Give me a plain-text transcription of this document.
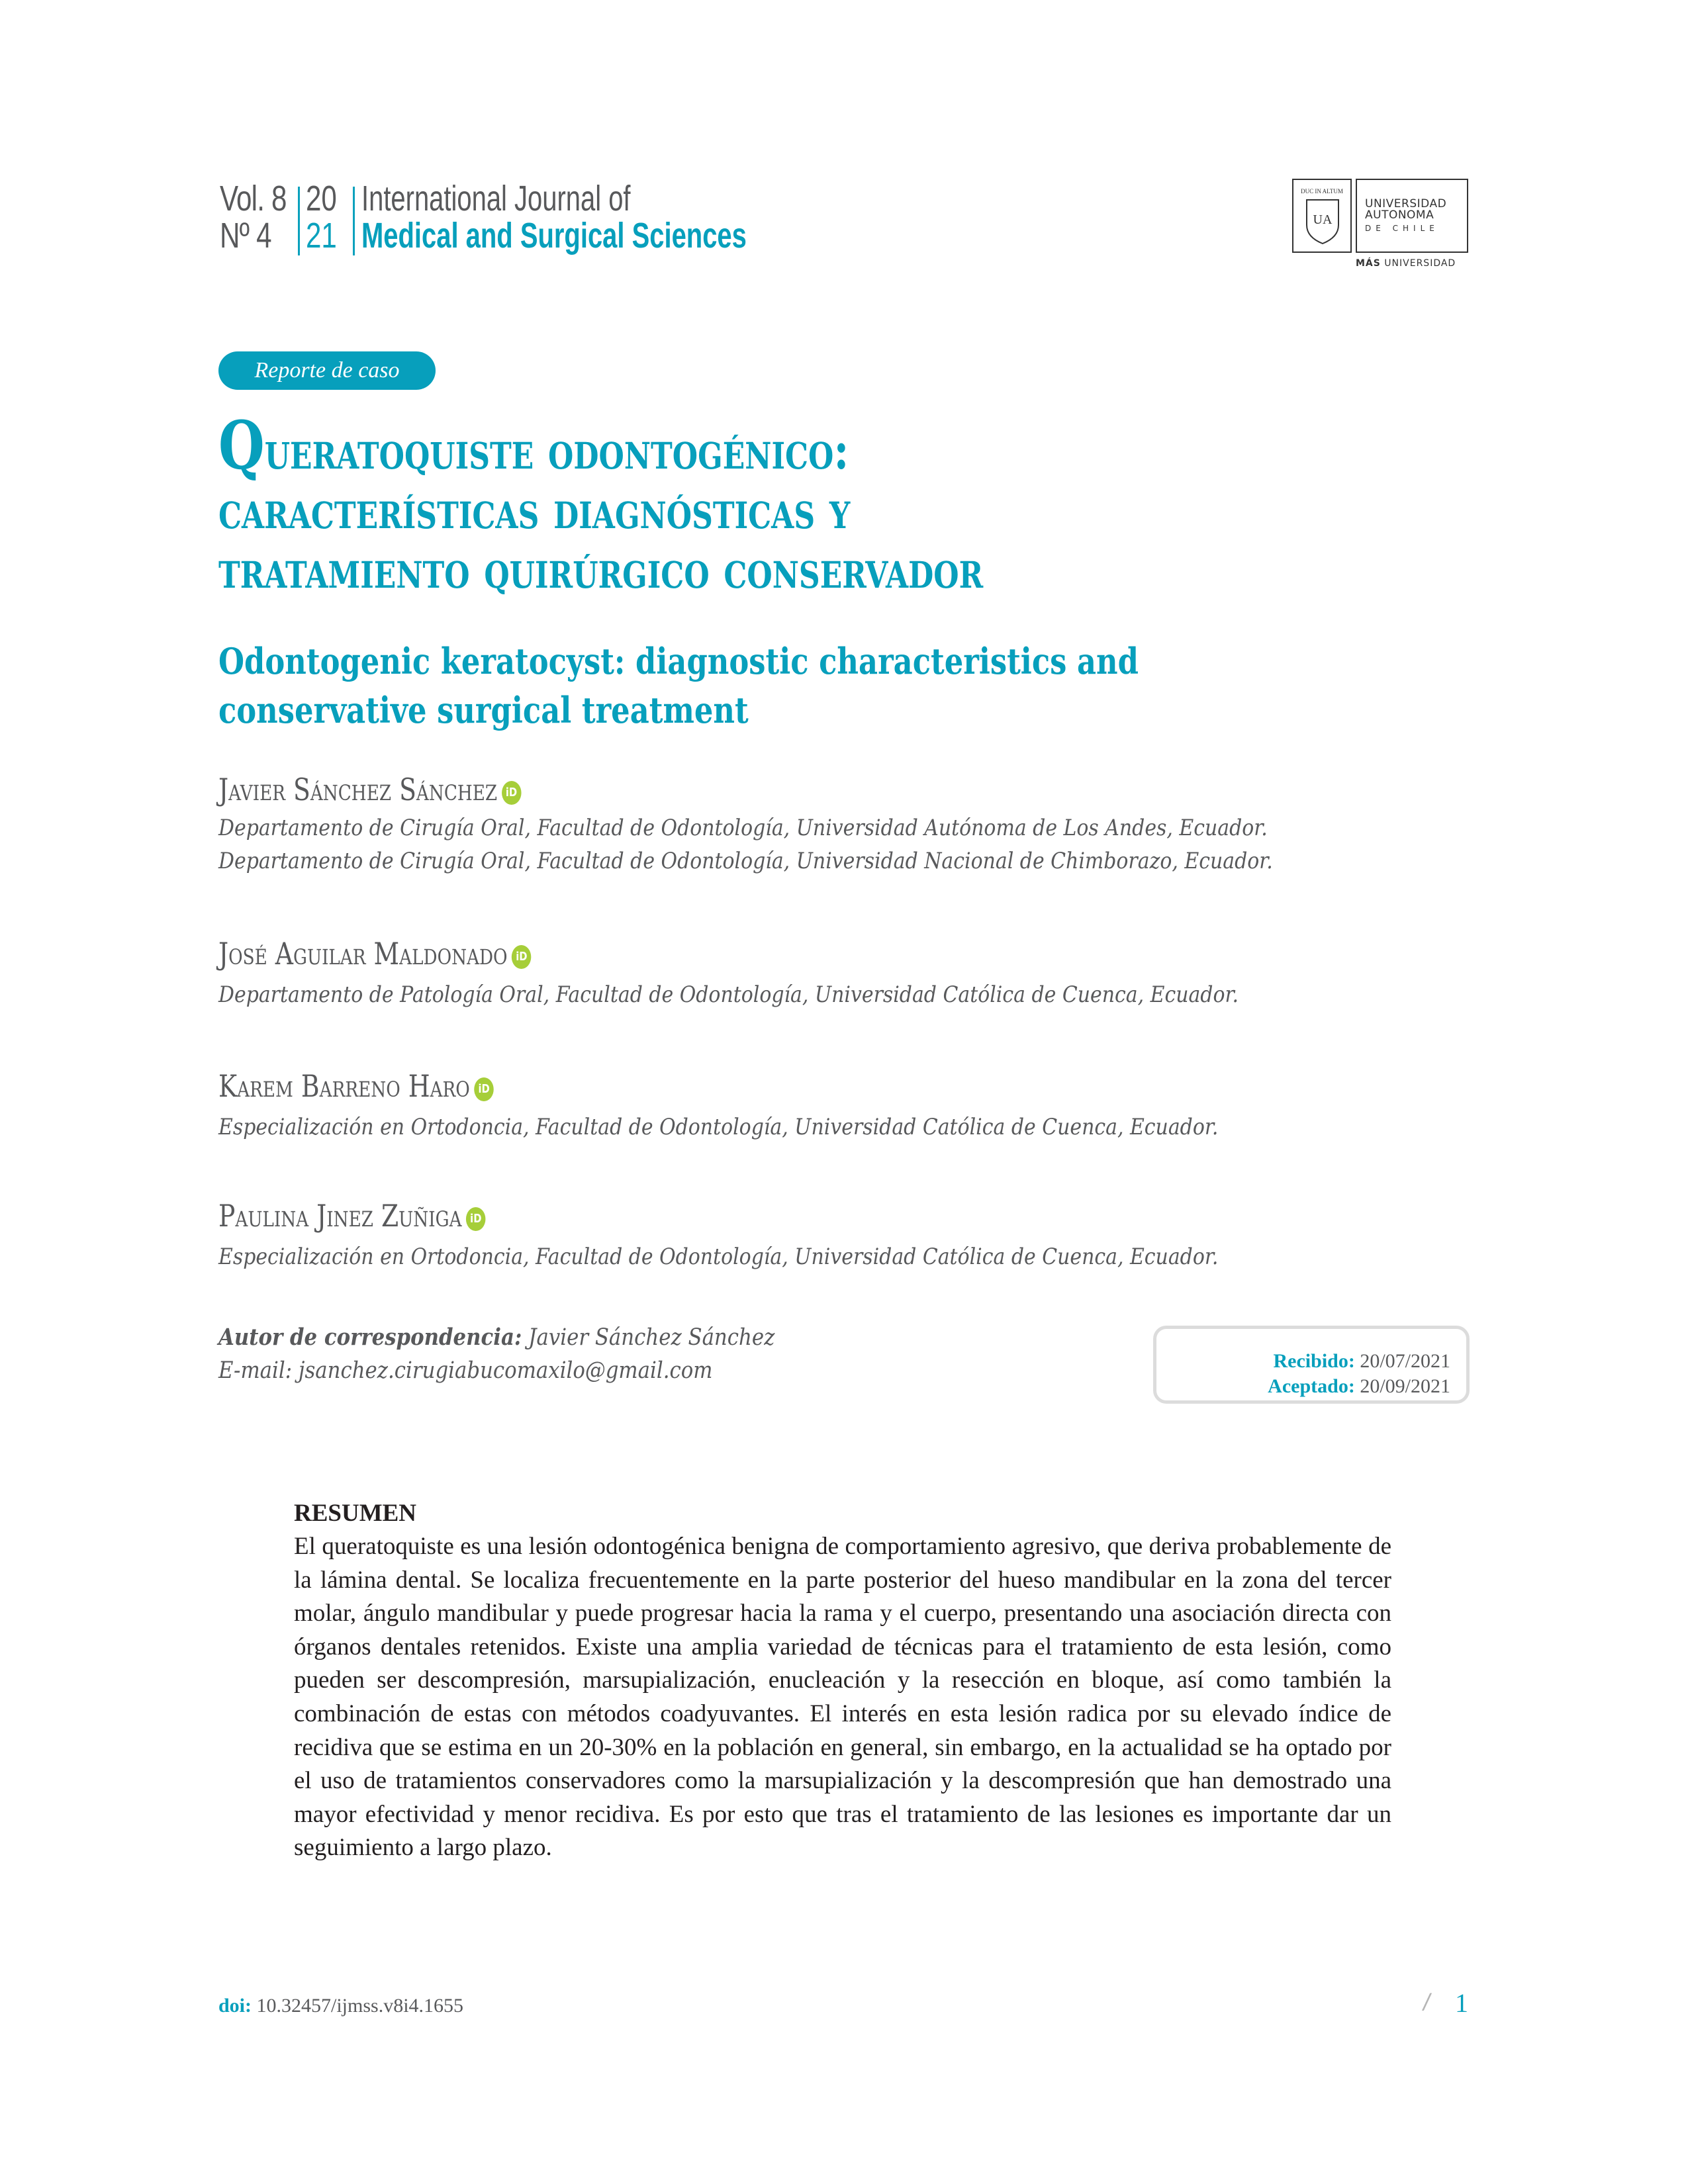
Vol. 8
Nº 4
20
21
International Journal of
Medical and Surgical Sciences
DUC IN ALTUM
UA
UNIVERSIDAD
AUTONOMA
DE CHILE
MÁS UNIVERSIDAD
Reporte de caso
Queratoquiste odontogénico:
características diagnósticas y
tratamiento quirúrgico conservador
Odontogenic keratocyst: diagnostic characteristics and
conservative surgical treatment
Javier Sánchez Sánchez iD
Departamento de Cirugía Oral, Facultad de Odontología, Universidad Autónoma de Los Andes, Ecuador.
Departamento de Cirugía Oral, Facultad de Odontología, Universidad Nacional de Chimborazo, Ecuador.
José Aguilar Maldonado iD
Departamento de Patología Oral, Facultad de Odontología, Universidad Católica de Cuenca, Ecuador.
Karem Barreno Haro iD
Especialización en Ortodoncia, Facultad de Odontología, Universidad Católica de Cuenca, Ecuador.
Paulina Jinez Zuñiga iD
Especialización en Ortodoncia, Facultad de Odontología, Universidad Católica de Cuenca, Ecuador.
Autor de correspondencia: Javier Sánchez Sánchez
E-mail: jsanchez.cirugiabucomaxilo@gmail.com	Recibido: 20/07/2021
Aceptado: 20/09/2021
RESUMEN
El queratoquiste es una lesión odontogénica benigna de comportamiento agresivo, que deriva probablemente de la lámina dental. Se localiza frecuentemente en la parte posterior del hueso mandibular en la zona del tercer molar, ángulo mandibular y puede progresar hacia la rama y el cuerpo, presentando una asociación directa con órganos dentales retenidos. Existe una amplia variedad de técnicas para el tratamiento de esta lesión, como pueden ser descompresión, marsupialización, enucleación y la resección en bloque, así como también la combinación de estas con métodos coadyuvantes. El interés en esta lesión radica por su elevado índice de recidiva que se estima en un 20-30% en la población en general, sin embargo, en la actualidad se ha optado por el uso de tratamientos conservadores como la marsupialización y la descompresión que han demostrado una mayor efectividad y menor recidiva. Es por esto que tras el tratamiento de las lesiones es importante dar un seguimiento a largo plazo.
doi: 10.32457/ijmss.v8i4.1655	/ 1
